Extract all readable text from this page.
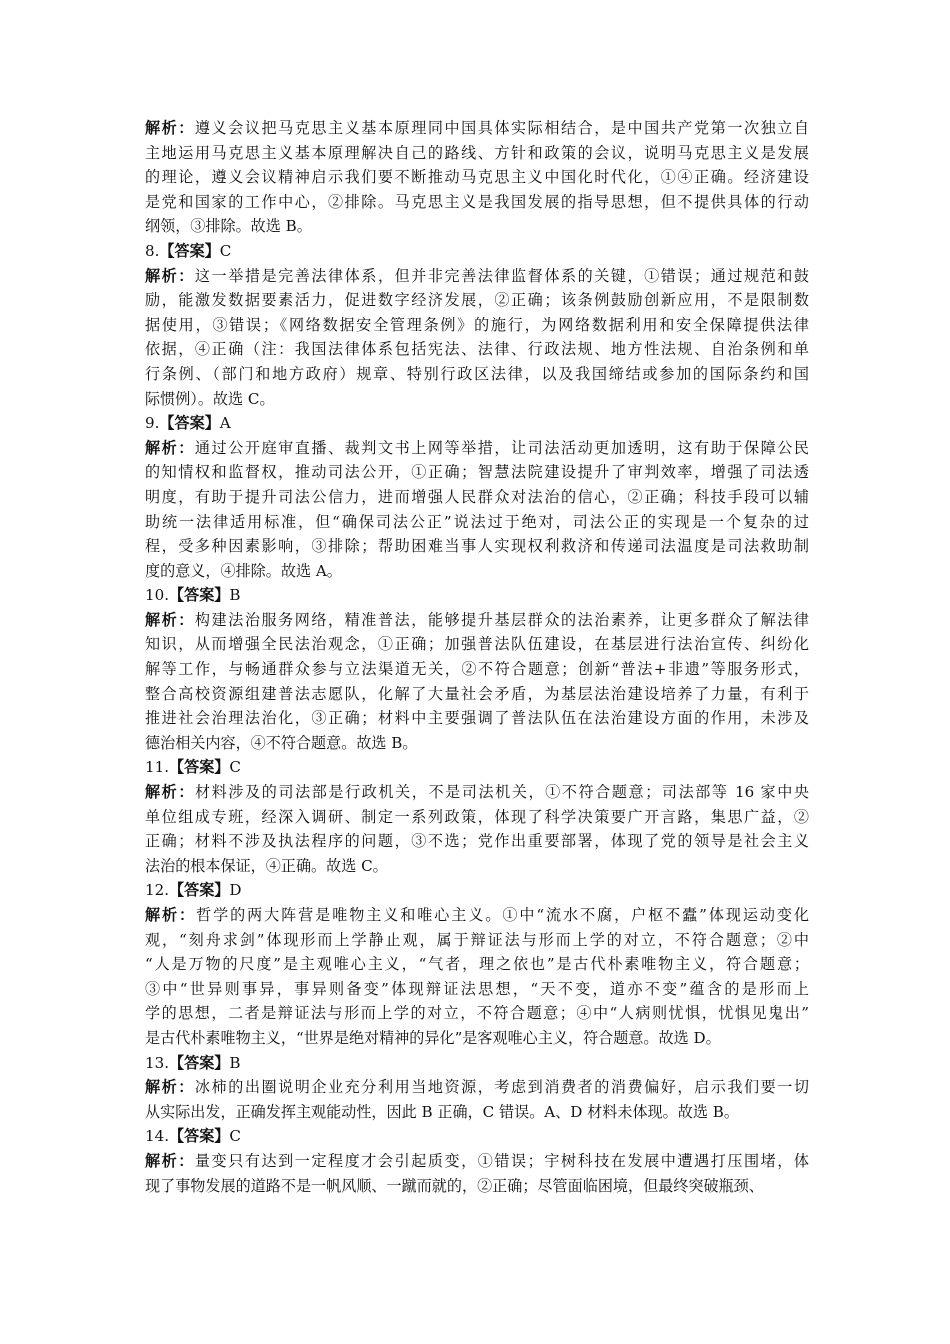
解析：遵义会议把马克思主义基本原理同中国具体实际相结合，是中国共产党第一次独立自
主地运用马克思主义基本原理解决自己的路线、方针和政策的会议，说明马克思主义是发展
的理论，遵义会议精神启示我们要不断推动马克思主义中国化时代化，①④正确。经济建设
是党和国家的工作中心，②排除。马克思主义是我国发展的指导思想，但不提供具体的行动
纲领，③排除。故选 B。
8.【答案】C
解析：这一举措是完善法律体系，但并非完善法律监督体系的关键，①错误；通过规范和鼓
励，能激发数据要素活力，促进数字经济发展，②正确；该条例鼓励创新应用，不是限制数
据使用，③错误；《网络数据安全管理条例》的施行，为网络数据利用和安全保障提供法律
依据，④正确（注：我国法律体系包括宪法、法律、行政法规、地方性法规、自治条例和单
行条例、（部门和地方政府）规章、特别行政区法律，以及我国缔结或参加的国际条约和国
际惯例）。故选 C。
9.【答案】A
解析：通过公开庭审直播、裁判文书上网等举措，让司法活动更加透明，这有助于保障公民
的知情权和监督权，推动司法公开，①正确；智慧法院建设提升了审判效率，增强了司法透
明度，有助于提升司法公信力，进而增强人民群众对法治的信心，②正确；科技手段可以辅
助统一法律适用标准，但“确保司法公正”说法过于绝对，司法公正的实现是一个复杂的过
程，受多种因素影响，③排除；帮助困难当事人实现权利救济和传递司法温度是司法救助制
度的意义，④排除。故选 A。
10.【答案】B
解析：构建法治服务网络，精准普法，能够提升基层群众的法治素养，让更多群众了解法律
知识，从而增强全民法治观念，①正确；加强普法队伍建设，在基层进行法治宣传、纠纷化
解等工作，与畅通群众参与立法渠道无关，②不符合题意；创新“普法+非遗”等服务形式，
整合高校资源组建普法志愿队，化解了大量社会矛盾，为基层法治建设培养了力量，有利于
推进社会治理法治化，③正确；材料中主要强调了普法队伍在法治建设方面的作用，未涉及
德治相关内容，④不符合题意。故选 B。
11.【答案】C
解析：材料涉及的司法部是行政机关，不是司法机关，①不符合题意；司法部等 16 家中央
单位组成专班，经深入调研、制定一系列政策，体现了科学决策要广开言路，集思广益，②
正确；材料不涉及执法程序的问题，③不选；党作出重要部署，体现了党的领导是社会主义
法治的根本保证，④正确。故选 C。
12.【答案】D
解析：哲学的两大阵营是唯物主义和唯心主义。①中“流水不腐，户枢不蠹”体现运动变化
观，“刻舟求剑”体现形而上学静止观，属于辩证法与形而上学的对立，不符合题意；②中
“人是万物的尺度”是主观唯心主义，“气者，理之依也”是古代朴素唯物主义，符合题意；
③中“世异则事异，事异则备变”体现辩证法思想，“天不变，道亦不变”蕴含的是形而上
学的思想，二者是辩证法与形而上学的对立，不符合题意；④中“人病则忧惧，忧惧见鬼出”
是古代朴素唯物主义，“世界是绝对精神的异化”是客观唯心主义，符合题意。故选 D。
13.【答案】B
解析：冰柿的出圈说明企业充分利用当地资源，考虑到消费者的消费偏好，启示我们要一切
从实际出发，正确发挥主观能动性，因此 B 正确，C 错误。A、D 材料未体现。故选 B。
14.【答案】C
解析：量变只有达到一定程度才会引起质变，①错误；宇树科技在发展中遭遇打压围堵，体
现了事物发展的道路不是一帆风顺、一蹴而就的，②正确；尽管面临困境，但最终突破瓶颈、
